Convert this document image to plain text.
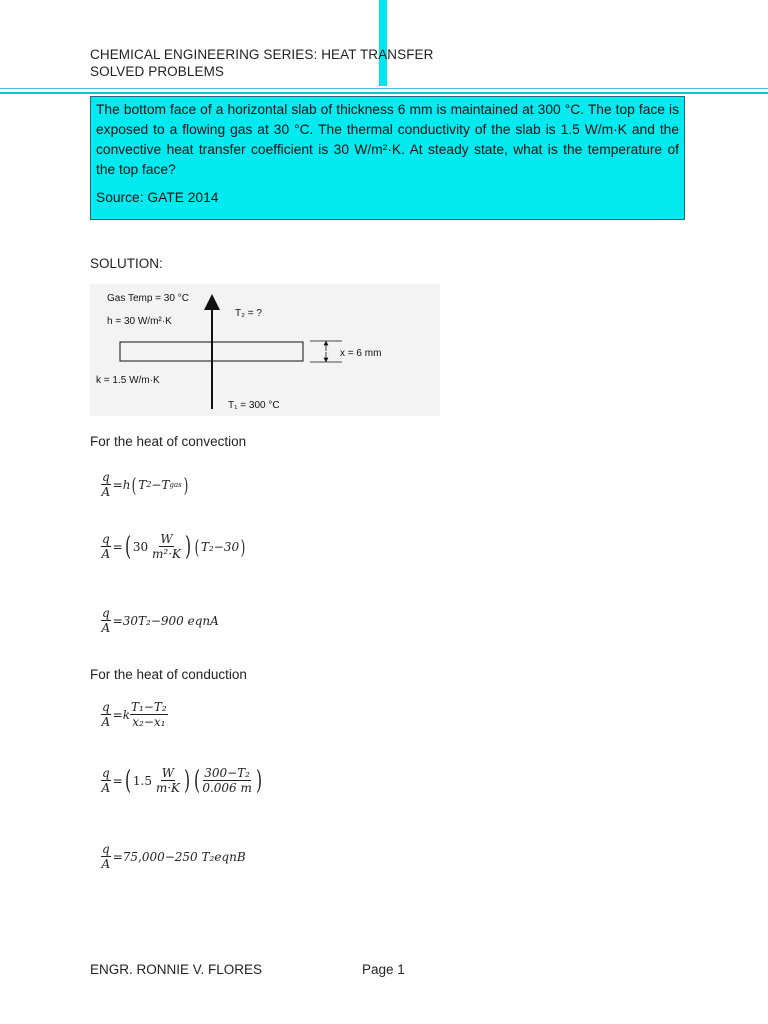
CHEMICAL ENGINEERING SERIES: HEAT TRANSFER
SOLVED PROBLEMS

The bottom face of a horizontal slab of thickness 6 mm is maintained at 300 °C. The top face is exposed to a flowing gas at 30 °C. The thermal conductivity of the slab is 1.5 W/m·K and the convective heat transfer coefficient is 30 W/m²·K. At steady state, what is the temperature of the top face?

Source: GATE 2014

SOLUTION:
Gas Temp = 30 °C
h = 30 W/m²·K
T₂ = ?
x = 6 mm
k = 1.5 W/m·K
T₁ = 300 °C
For the heat of convection
$\frac{q}{A} =h$ ( T 2 −T gas )
$\frac{q}{A}$ = ( 30
$\frac{W}{\text{m²·K}}$ ) ( T₂−30 )
$\frac{q}{A} =30T_2-900$ eqnA
For the heat of conduction
$\frac{q}{A} =k \frac{\text{T₁−T₂}}{\text{x₂−x₁}}$
$\frac{q}{A}$ = ( 1.5
$\frac{W}{m\cdot K}$ ) ( $\frac{\text{300−T₂}}{0.006 m}$ )
$\frac{q}{A} =75,000-250$ T₂eqnB
ENGR. RONNIE V. FLORES	Page 1
